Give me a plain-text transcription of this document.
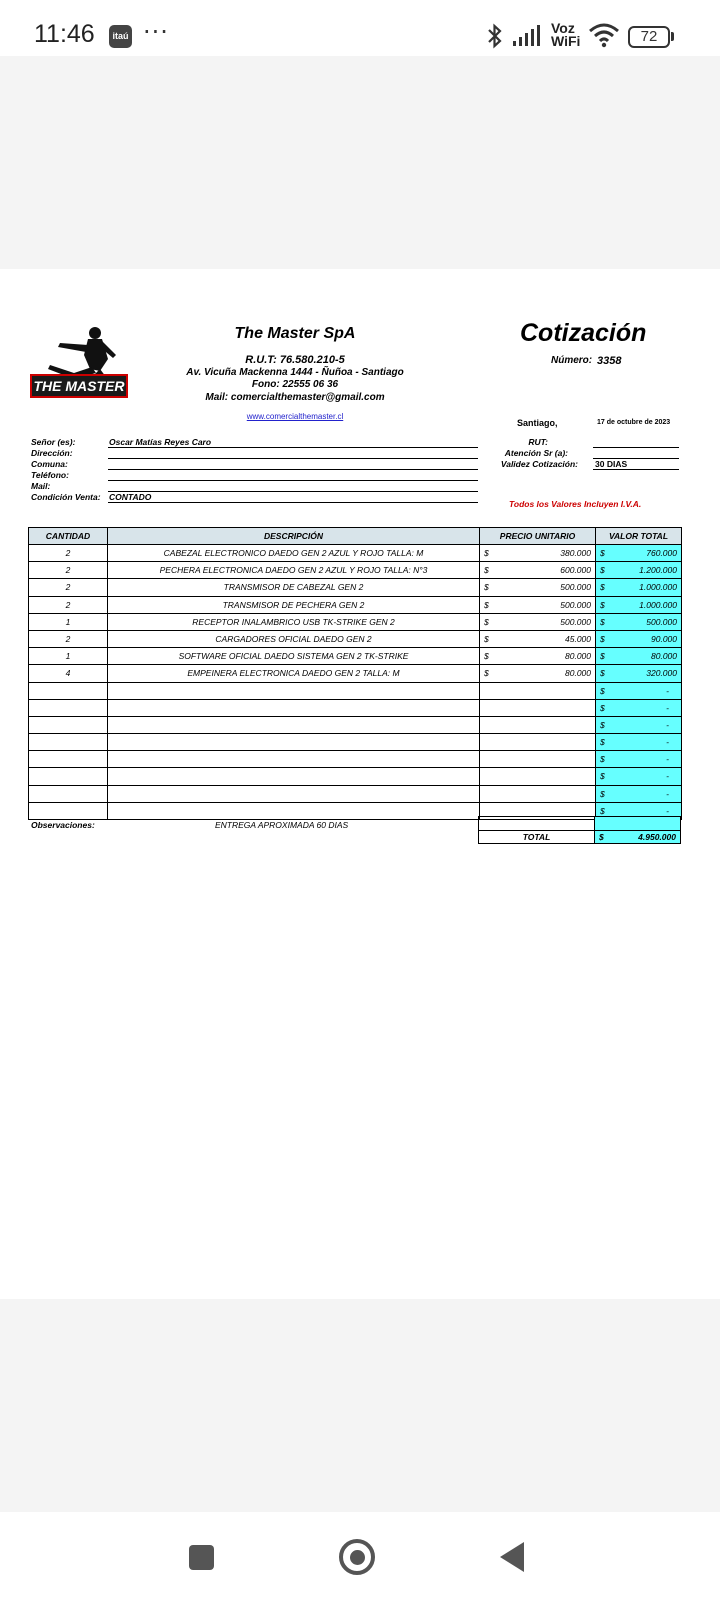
11:46	itaú ···	Voz
WiFi	72
THE MASTER
The Master SpA
R.U.T: 76.580.210-5
Av. Vicuña Mackenna 1444 - Ñuñoa - Santiago
Fono: 22555 06 36
Mail: comercialthemaster@gmail.com
www.comercialthemaster.cl
Cotización
Número: 3358
Santiago,	17 de octubre de 2023
Señor (es):	Oscar Matías Reyes Caro
Dirección:
Comuna:
Teléfono:
Mail:
Condición Venta: CONTADO
RUT:
Atención Sr (a):
Validez Cotización: 30 DIAS
Todos los Valores Incluyen I.V.A.
CANTIDAD	DESCRIPCIÓN	PRECIO UNITARIO	VALOR TOTAL
2	CABEZAL ELECTRONICO DAEDO GEN 2 AZUL Y ROJO TALLA: M	$ 380.000	$ 760.000

2	PECHERA ELECTRONICA DAEDO GEN 2 AZUL Y ROJO TALLA: N°3	$ 600.000	$ 1.200.000

2	TRANSMISOR DE CABEZAL GEN 2	$ 500.000	$ 1.000.000

2	TRANSMISOR DE PECHERA GEN 2	$ 500.000	$ 1.000.000

1	RECEPTOR INALAMBRICO USB TK-STRIKE GEN 2	$ 500.000	$ 500.000

2	CARGADORES OFICIAL DAEDO GEN 2	$ 45.000	$ 90.000

1	SOFTWARE OFICIAL DAEDO SISTEMA GEN 2 TK-STRIKE	$ 80.000	$ 80.000

4	EMPEINERA ELECTRONICA DAEDO GEN 2 TALLA: M	$ 80.000	$ 320.000

			$ -

			$ -

			$ -

			$ -

			$ -

			$ -

			$ -

			$ -
Observaciones:	ENTREGA APROXIMADA 60 DIAS
TOTAL	$	4.950.000
